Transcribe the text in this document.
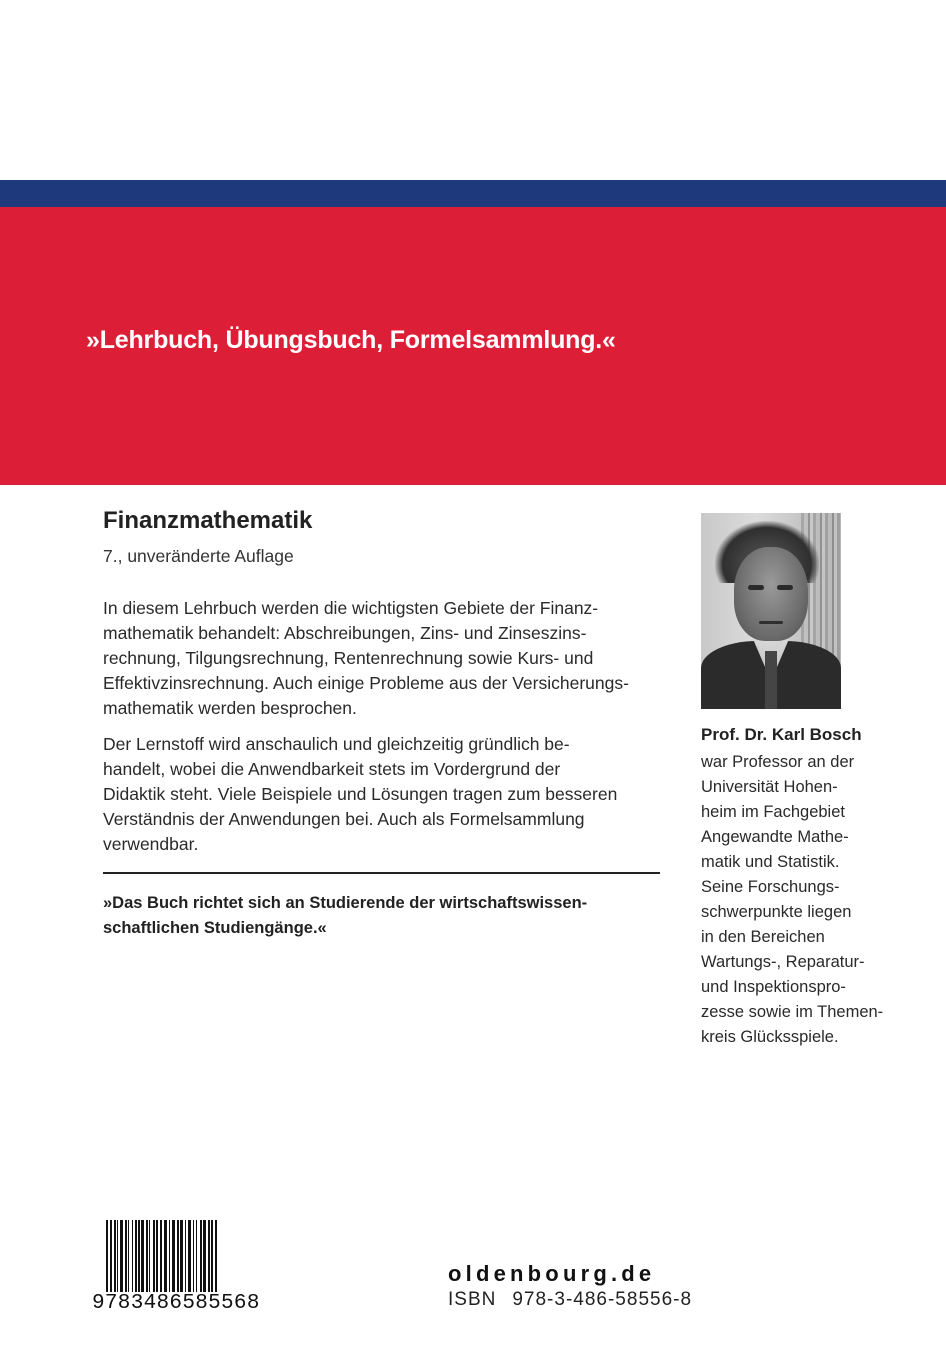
»Lehrbuch, Übungsbuch, Formelsammlung.«

Finanzmathematik

7., unveränderte Auflage

In diesem Lehrbuch werden die wichtigsten Gebiete der Finanz-
mathematik behandelt: Abschreibungen, Zins- und Zinseszins-
rechnung, Tilgungsrechnung, Rentenrechnung sowie Kurs- und
Effektivzinsrechnung. Auch einige Probleme aus der Versicherungs-
mathematik werden besprochen.

Der Lernstoff wird anschaulich und gleichzeitig gründlich be-
handelt, wobei die Anwendbarkeit stets im Vordergrund der
Didaktik steht. Viele Beispiele und Lösungen tragen zum besseren
Verständnis der Anwendungen bei. Auch als Formelsammlung
verwendbar.

»Das Buch richtet sich an Studierende der wirtschaftswissen-
schaftlichen Studiengänge.«

Prof. Dr. Karl Bosch

war Professor an der
Universität Hohen-
heim im Fachgebiet
Angewandte Mathe-
matik und Statistik.
Seine Forschungs-
schwerpunkte liegen
in den Bereichen
Wartungs-, Reparatur-
und Inspektionspro-
zesse sowie im Themen-
kreis Glücksspiele.

9783486585568

oldenbourg.de

ISBN 978-3-486-58556-8
